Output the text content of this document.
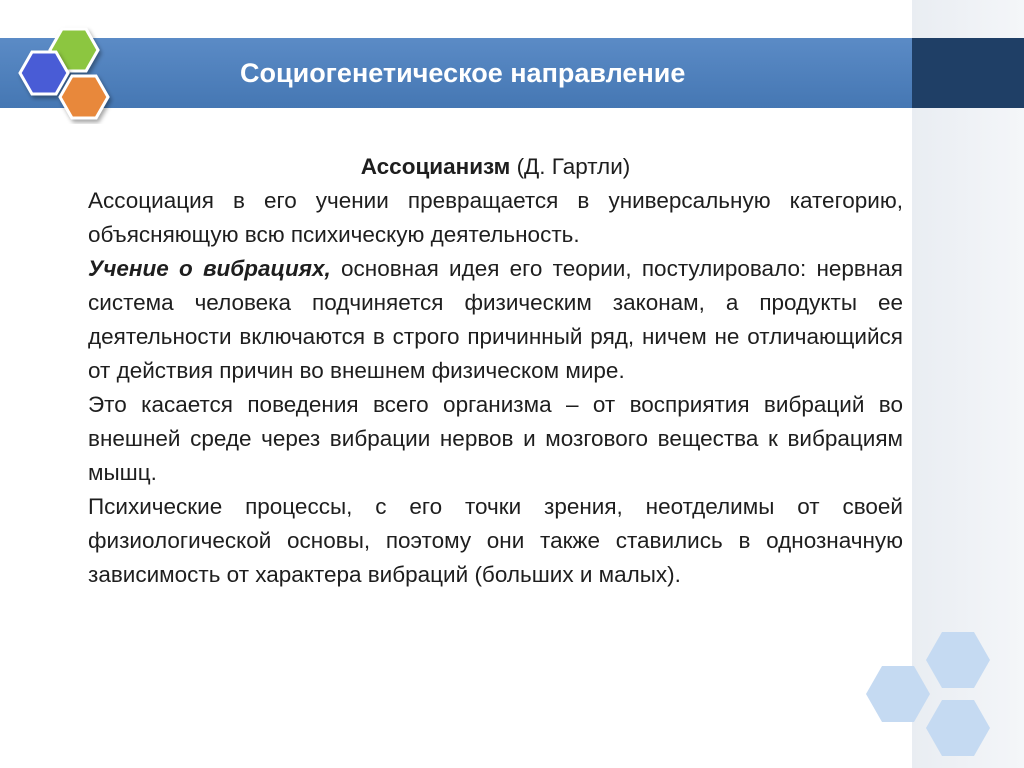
Социогенетическое направление

Ассоцианизм (Д. Гартли)

Ассоциация в его учении превращается в универсальную категорию, объясняющую всю психическую деятельность.

Учение о вибрациях, основная идея его теории, постулировало: нервная система человека подчиняется физическим законам, а продукты ее деятельности включаются в строго причинный ряд, ничем не отличающийся от действия причин во внешнем физическом мире.

Это касается поведения всего организма – от восприятия вибраций во внешней среде через вибрации нервов и мозгового вещества к вибрациям мышц.

Психические процессы, с его точки зрения, неотделимы от своей физиологической основы, поэтому они также ставились в однозначную зависимость от характера вибраций (больших и малых).
